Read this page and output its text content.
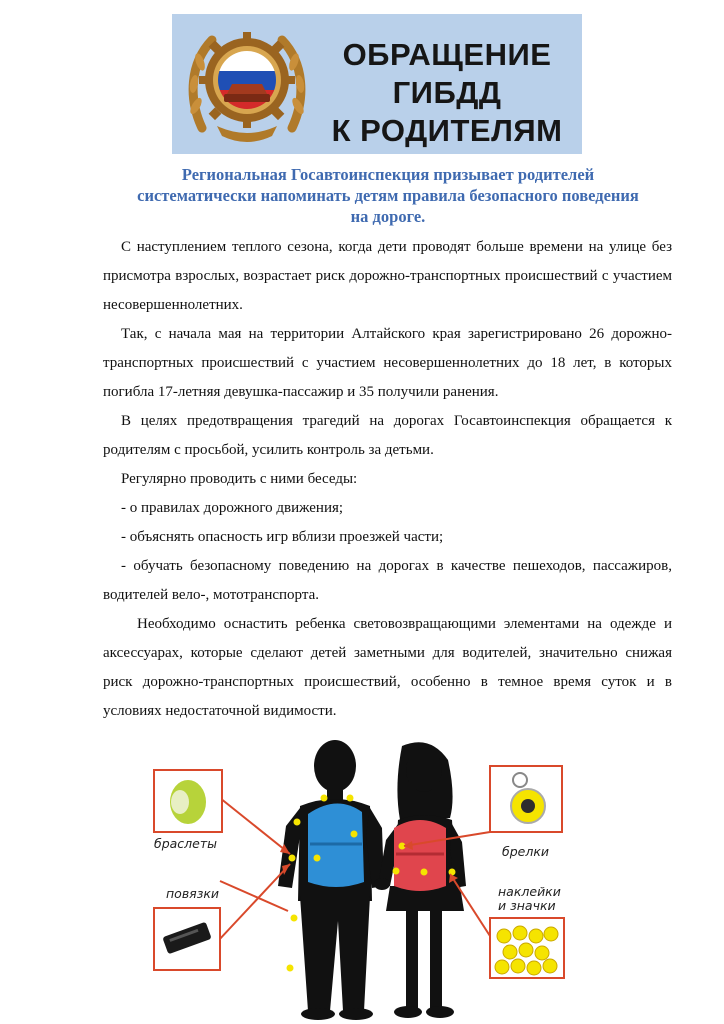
ОБРАЩЕНИЕ
ГИБДД
К РОДИТЕЛЯМ
Региональная Госавтоинспекция призывает родителей
систематически напоминать детям правила безопасного поведения
на дороге.

С наступлением теплого сезона, когда дети проводят больше времени на улице без присмотра взрослых, возрастает риск дорожно-транспортных происшествий с участием несовершеннолетних.

Так, с начала мая на территории Алтайского края зарегистрировано 26 дорожно-транспортных происшествий с участием несовершеннолетних до 18 лет, в которых погибла 17-летняя девушка-пассажир и 35 получили ранения.

В целях предотвращения трагедий на дорогах Госавтоинспекция обращается к родителям с просьбой, усилить контроль за детьми.

Регулярно проводить с ними беседы:

- о правилах дорожного движения;

- объяснять опасность игр вблизи проезжей части;

- обучать безопасному поведению на дорогах в качестве пешеходов, пассажиров, водителей вело-, мототранспорта.

Необходимо оснастить ребенка световозвращающими элементами на одежде и аксессуарах, которые сделают детей заметными для водителей, значительно снижая риск дорожно-транспортных происшествий, особенно в темное время суток и в условиях недостаточной видимости.

браслеты
повязки
брелки
наклейки
и значки
